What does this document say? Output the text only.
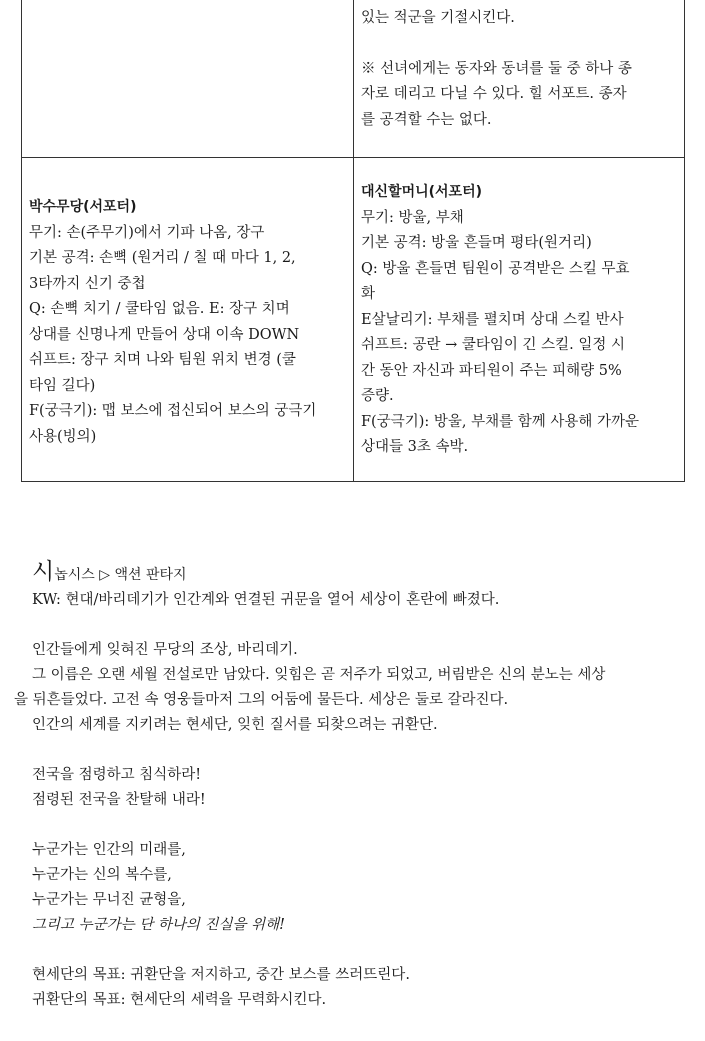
있는 적군을 기절시킨다.
※ 선녀에게는 동자와 동녀를 둘 중 하나 종
자로 데리고 다닐 수 있다. 힐 서포트. 종자
를 공격할 수는 없다.
박수무당(서포터)
무기: 손(주무기)에서 기파 나옴, 장구
기본 공격: 손뼉 (원거리 / 칠 때 마다 1, 2,
3타까지 신기 중첩
Q: 손뼉 치기 / 쿨타임 없음. E: 장구 치며
상대를 신명나게 만들어 상대 이속 DOWN
쉬프트: 장구 치며 나와 팀원 위치 변경 (쿨
타임 길다)
F(궁극기): 맵 보스에 접신되어 보스의 궁극기
사용(빙의)
대신할머니(서포터)
무기: 방울, 부채
기본 공격: 방울 흔들며 평타(원거리)
Q: 방울 흔들면 팀원이 공격받은 스킬 무효
화
E살날리기: 부채를 펼치며 상대 스킬 반사
쉬프트: 공란 → 쿨타임이 긴 스킬. 일정 시
간 동안 자신과 파티원이 주는 피해량 5%
증량.
F(궁극기): 방울, 부채를 함께 사용해 가까운
상대들 3초 속박.
시놉시스 ▷ 액션 판타지
KW: 현대/바리데기가 인간계와 연결된 귀문을 열어 세상이 혼란에 빠졌다.
인간들에게 잊혀진 무당의 조상, 바리데기.
그 이름은 오랜 세월 전설로만 남았다. 잊힘은 곧 저주가 되었고, 버림받은 신의 분노는 세상
을 뒤흔들었다. 고전 속 영웅들마저 그의 어둠에 물든다. 세상은 둘로 갈라진다.
인간의 세계를 지키려는 현세단, 잊힌 질서를 되찾으려는 귀환단.
전국을 점령하고 침식하라!
점령된 전국을 찬탈해 내라!
누군가는 인간의 미래를,
누군가는 신의 복수를,
누군가는 무너진 균형을,
그리고 누군가는 단 하나의 진실을 위해!
현세단의 목표: 귀환단을 저지하고, 중간 보스를 쓰러뜨린다.
귀환단의 목표: 현세단의 세력을 무력화시킨다.
